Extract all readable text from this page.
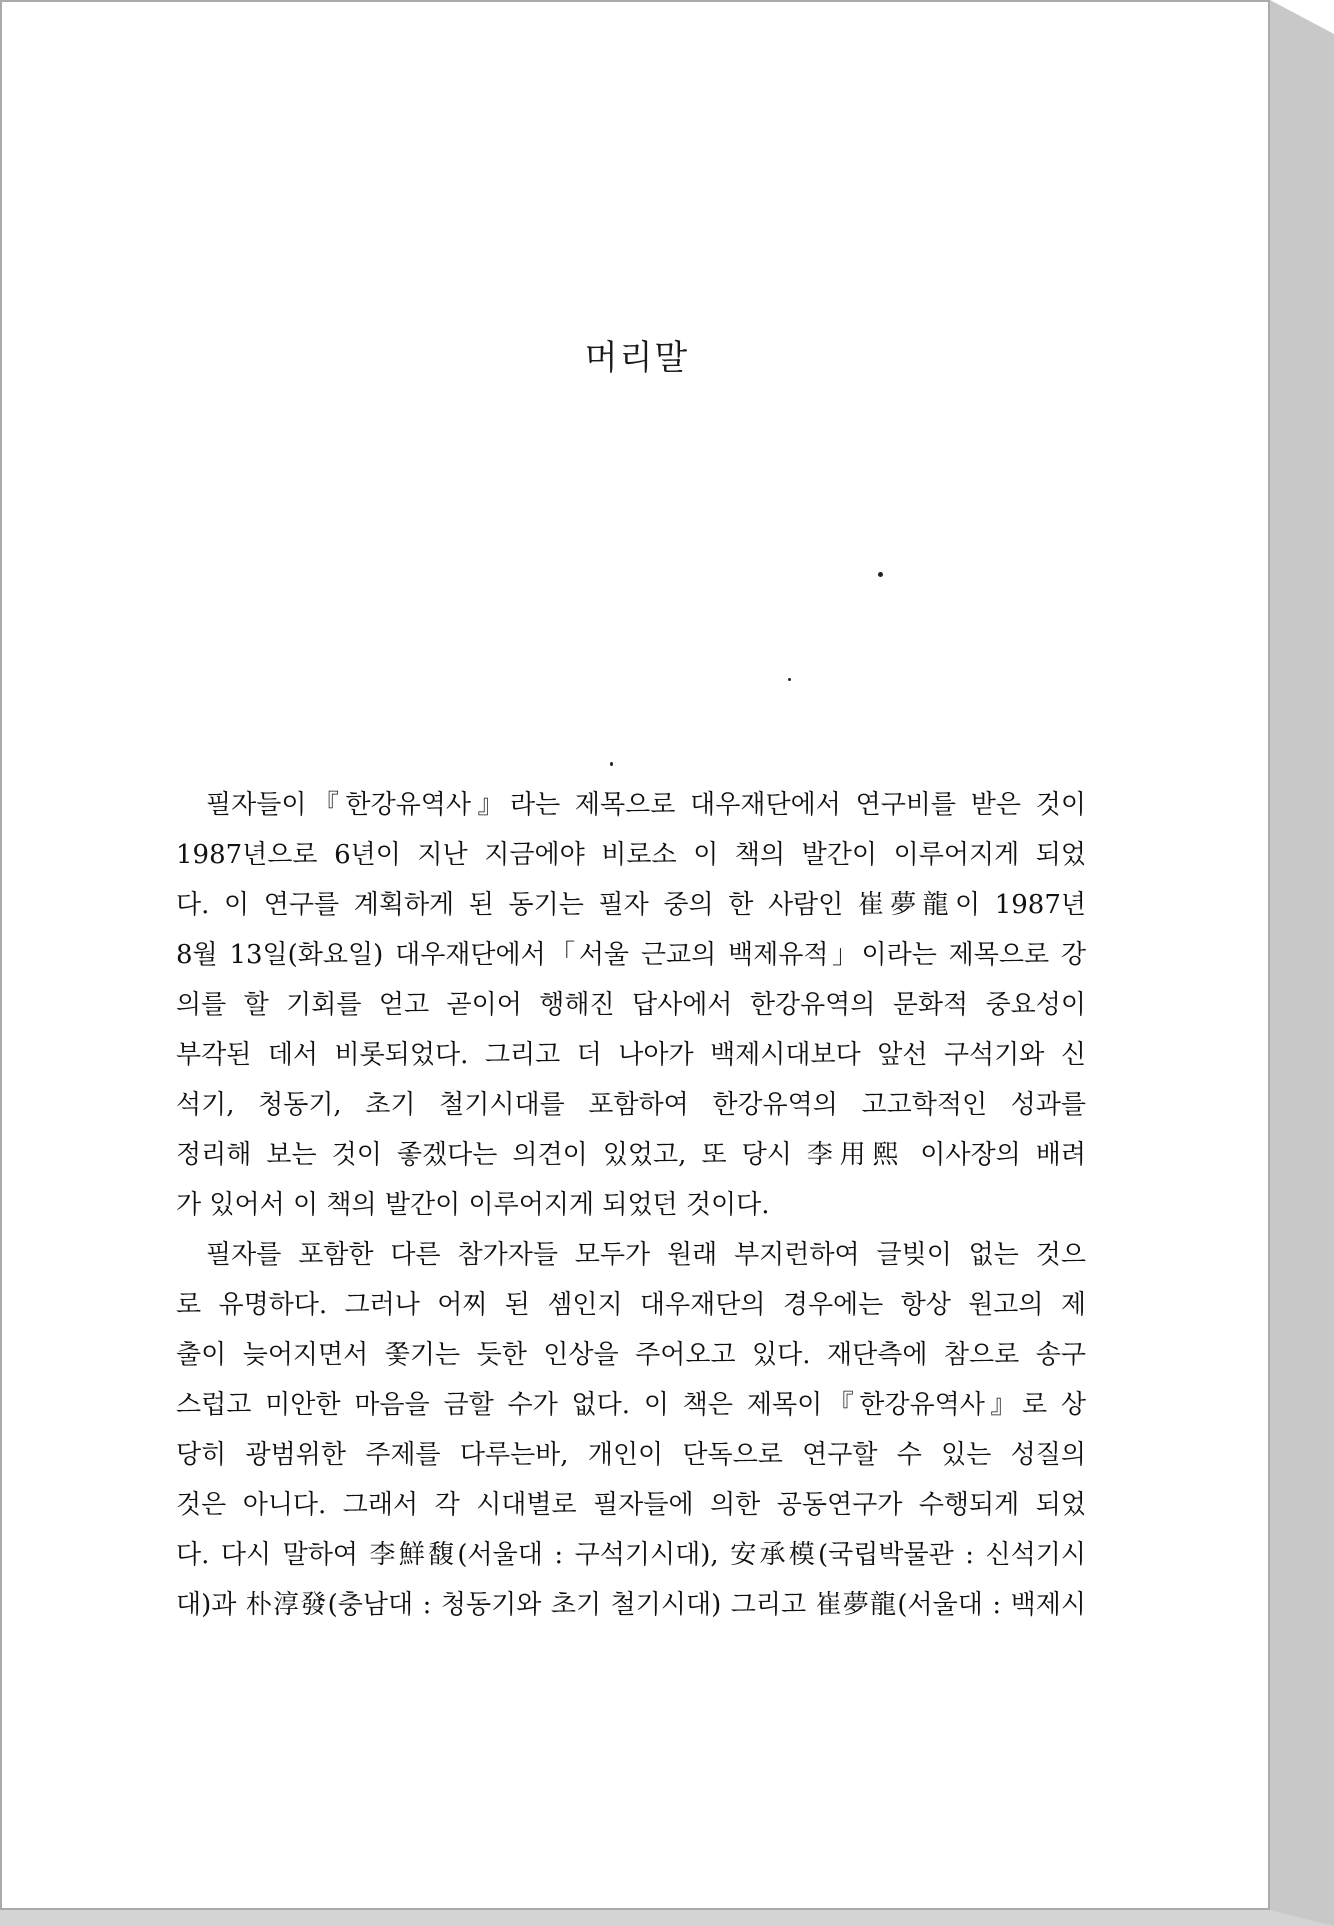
머리말
필자들이『한강유역사』라는 제목으로 대우재단에서 연구비를 받은 것이
1987년으로 6년이 지난 지금에야 비로소 이 책의 발간이 이루어지게 되었
다. 이 연구를 계획하게 된 동기는 필자 중의 한 사람인 崔夢龍이 1987년
8월 13일(화요일) 대우재단에서「서울 근교의 백제유적」이라는 제목으로 강
의를 할 기회를 얻고 곧이어 행해진 답사에서 한강유역의 문화적 중요성이
부각된 데서 비롯되었다. 그리고 더 나아가 백제시대보다 앞선 구석기와 신
석기, 청동기, 초기 철기시대를 포함하여 한강유역의 고고학적인 성과를
정리해 보는 것이 좋겠다는 의견이 있었고, 또 당시 李用熙 이사장의 배려
가 있어서 이 책의 발간이 이루어지게 되었던 것이다.
필자를 포함한 다른 참가자들 모두가 원래 부지런하여 글빚이 없는 것으
로 유명하다. 그러나 어찌 된 셈인지 대우재단의 경우에는 항상 원고의 제
출이 늦어지면서 쫓기는 듯한 인상을 주어오고 있다. 재단측에 참으로 송구
스럽고 미안한 마음을 금할 수가 없다. 이 책은 제목이『한강유역사』로 상
당히 광범위한 주제를 다루는바, 개인이 단독으로 연구할 수 있는 성질의
것은 아니다. 그래서 각 시대별로 필자들에 의한 공동연구가 수행되게 되었
다. 다시 말하여 李鮮馥(서울대 : 구석기시대), 安承模(국립박물관 : 신석기시
대)과 朴淳發(충남대 : 청동기와 초기 철기시대) 그리고 崔夢龍(서울대 : 백제시
